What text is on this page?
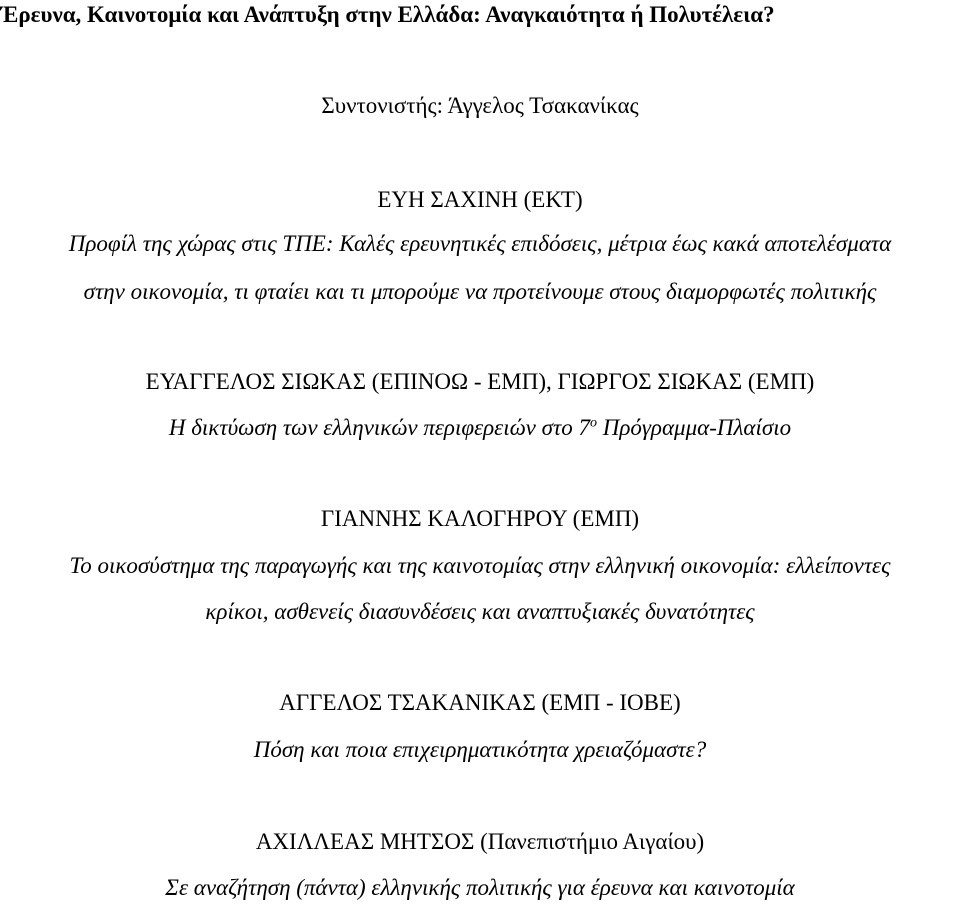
Έρευνα, Καινοτομία και Ανάπτυξη στην Ελλάδα: Αναγκαιότητα ή Πολυτέλεια?
Συντονιστής: Άγγελος Τσακανίκας
ΕΥΗ ΣΑΧΙΝΗ (ΕΚΤ)
Προφίλ της χώρας στις ΤΠΕ: Καλές ερευνητικές επιδόσεις, μέτρια έως κακά αποτελέσματα
στην οικονομία, τι φταίει και τι μπορούμε να προτείνουμε στους διαμορφωτές πολιτικής
ΕΥΑΓΓΕΛΟΣ ΣΙΩΚΑΣ (ΕΠΙΝΟΩ - ΕΜΠ), ΓΙΩΡΓΟΣ ΣΙΩΚΑΣ (ΕΜΠ)
Η δικτύωση των ελληνικών περιφερειών στο $7^o$ Πρόγραμμα-Πλαίσιο
ΓΙΑΝΝΗΣ ΚΑΛΟΓΗΡΟΥ (ΕΜΠ)
Το οικοσύστημα της παραγωγής και της καινοτομίας στην ελληνική οικονομία: ελλείποντες
κρίκοι, ασθενείς διασυνδέσεις και αναπτυξιακές δυνατότητες
ΑΓΓΕΛΟΣ ΤΣΑΚΑΝΙΚΑΣ (ΕΜΠ - ΙΟΒΕ)
Πόση και ποια επιχειρηματικότητα χρειαζόμαστε?
ΑΧΙΛΛΕΑΣ ΜΗΤΣΟΣ (Πανεπιστήμιο Αιγαίου)
Σε αναζήτηση (πάντα) ελληνικής πολιτικής για έρευνα και καινοτομία
